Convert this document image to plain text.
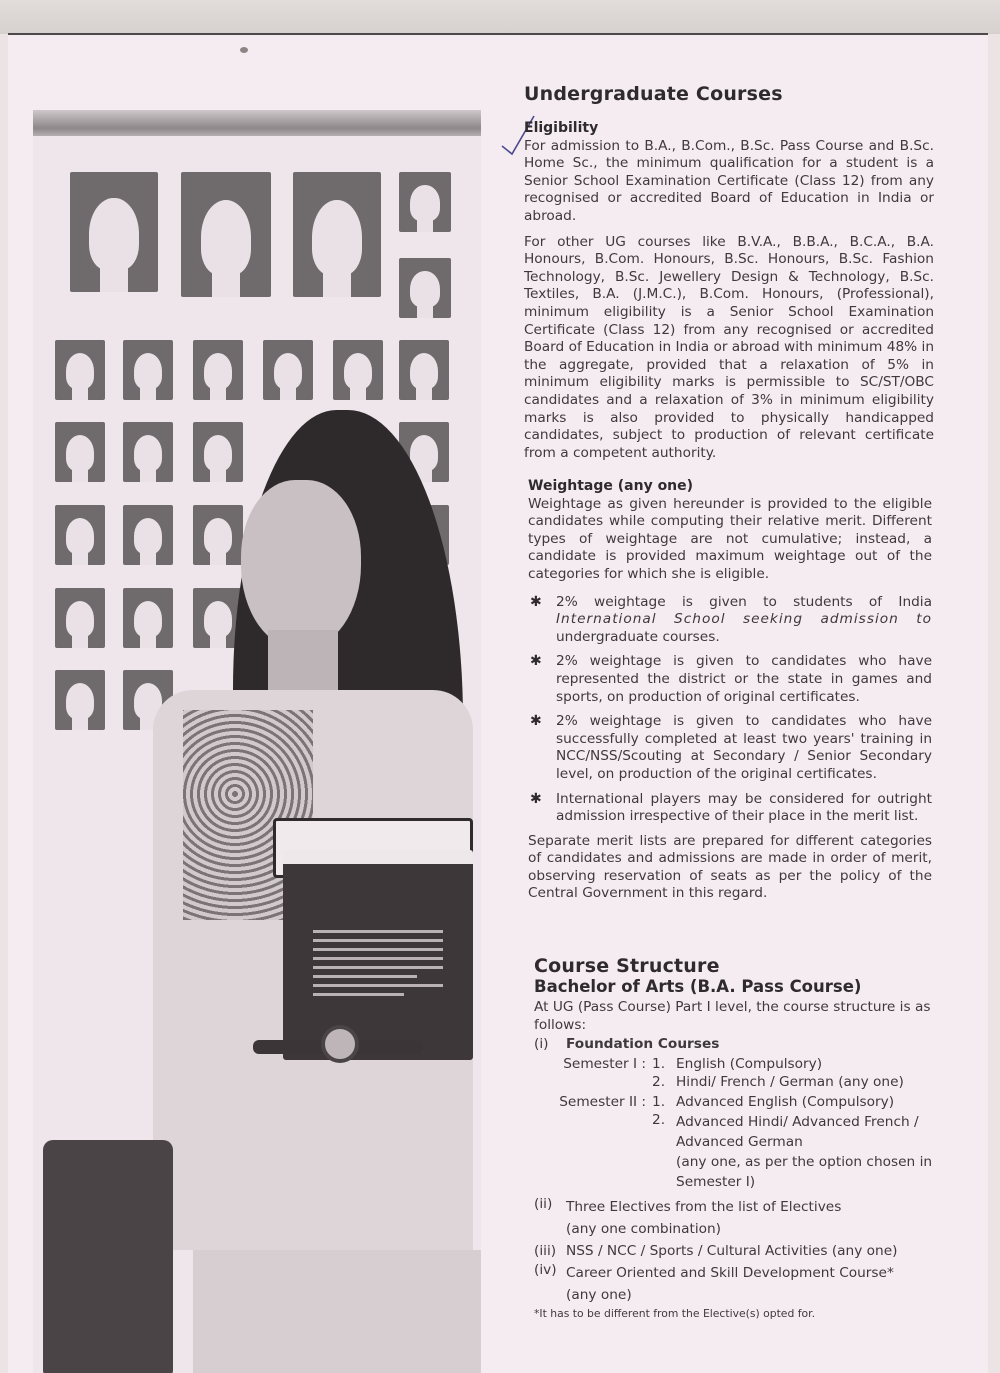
Undergraduate Courses
Eligibility

For admission to B.A., B.Com., B.Sc. Pass Course and B.Sc. Home Sc., the minimum qualification for a student is a Senior School Examination Certificate (Class 12) from any recognised or accredited Board of Education in India or abroad.

For other UG courses like B.V.A., B.B.A., B.C.A., B.A. Honours, B.Com. Honours, B.Sc. Honours, B.Sc. Fashion Technology, B.Sc. Jewellery Design & Technology, B.Sc. Textiles, B.A. (J.M.C.), B.Com. Honours, (Professional), minimum eligibility is a Senior School Examination Certificate (Class 12) from any recognised or accredited Board of Education in India or abroad with minimum 48% in the aggregate, provided that a relaxation of 5% in minimum eligibility marks is permissible to SC/ST/OBC candidates and a relaxation of 3% in minimum eligibility marks is also provided to physically handicapped candidates, subject to production of relevant certificate from a competent authority.

Weightage (any one)

Weightage as given hereunder is provided to the eligible candidates while computing their relative merit. Different types of weightage are not cumulative; instead, a candidate is provided maximum weightage out of the categories for which she is eligible.

✱	2% weightage is given to students of India International School seeking admission to undergraduate courses.
✱	2% weightage is given to candidates who have represented the district or the state in games and sports, on production of original certificates.
✱	2% weightage is given to candidates who have successfully completed at least two years' training in NCC/NSS/Scouting at Secondary / Senior Secondary level, on production of the original certificates.
✱	International players may be considered for outright admission irrespective of their place in the merit list.

Separate merit lists are prepared for different categories of candidates and admissions are made in order of merit, observing reservation of seats as per the policy of the Central Government in this regard.

Course Structure
Bachelor of Arts (B.A. Pass Course)

At UG (Pass Course) Part I level, the course structure is as follows:

(i)	Foundation Courses
Semester I : 1. English (Compulsory)
2. Hindi/ French / German (any one)
Semester II : 1. Advanced English (Compulsory)
2. Advanced Hindi/ Advanced French / Advanced German
(any one, as per the option chosen in Semester I)
(ii)	Three Electives from the list of Electives
(any one combination)
(iii) NSS / NCC / Sports / Cultural Activities (any one)
(iv) Career Oriented and Skill Development Course*
(any one)
*It has to be different from the Elective(s) opted for.
